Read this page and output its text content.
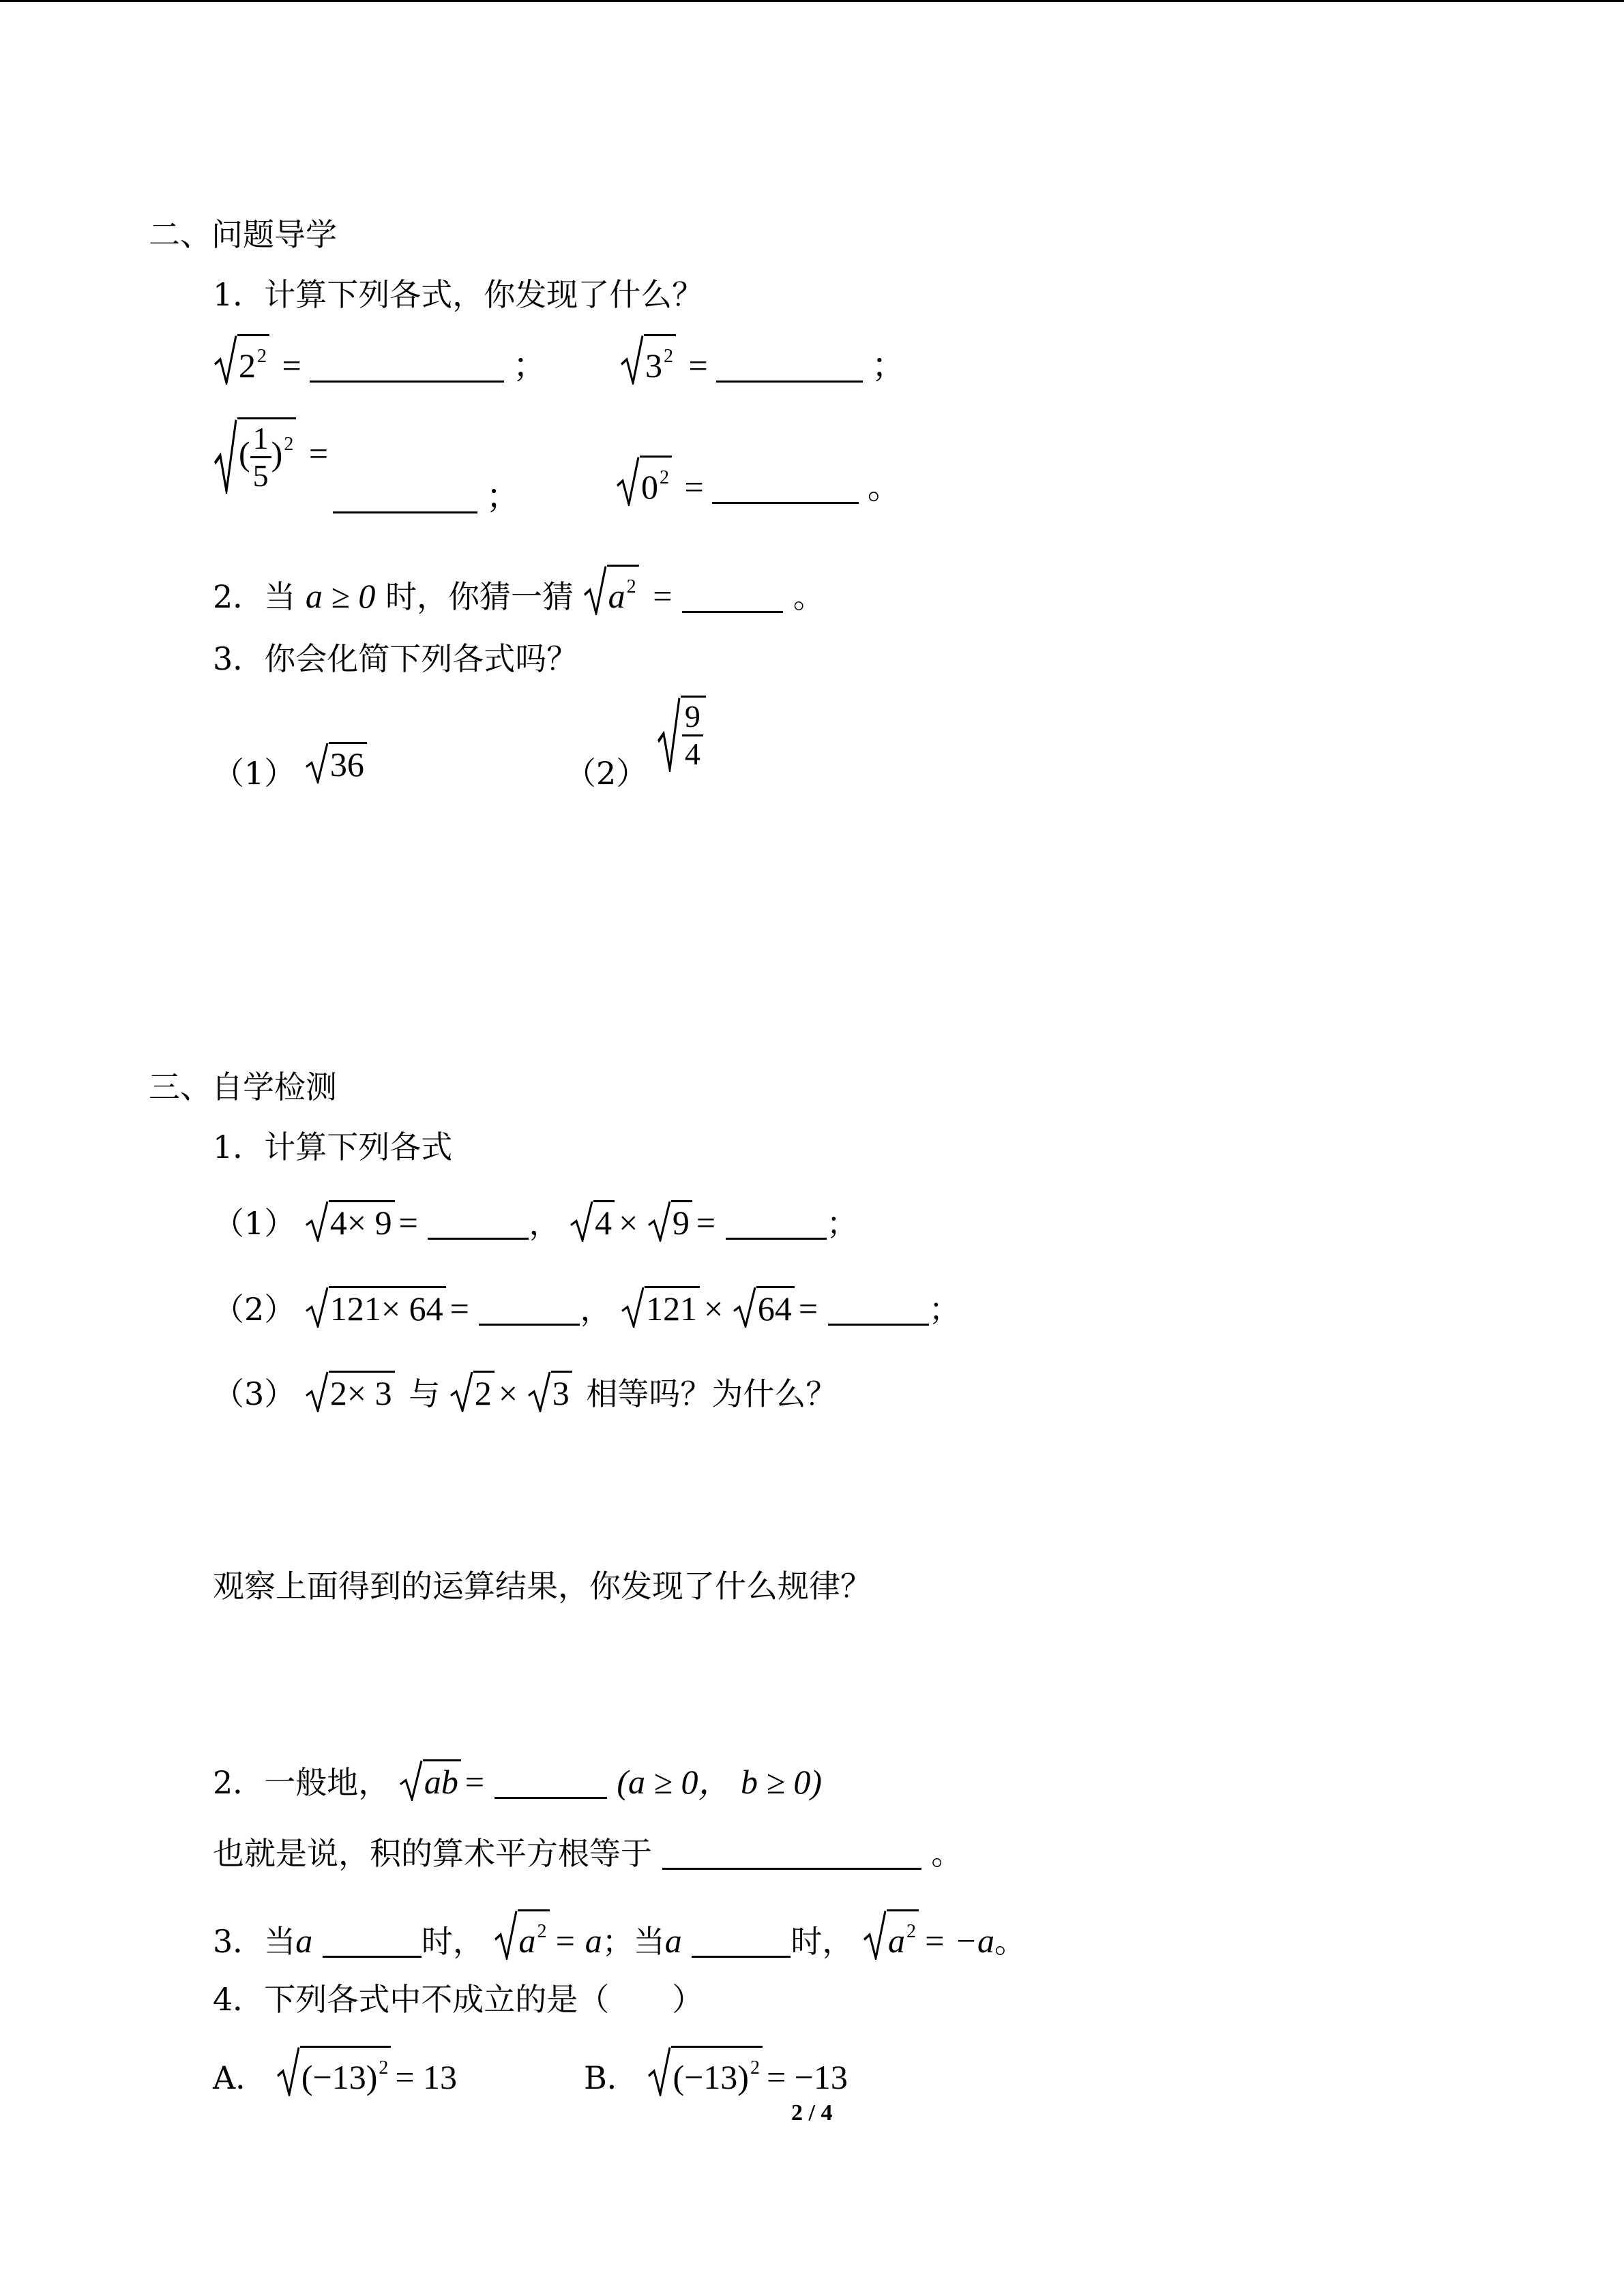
二、问题导学
1．计算下列各式，你发现了什么？
$2^2$ =	；	$3^2$ =	；
( $\frac{1}{5} )^2$ =
；	$0^2$ =	。
2．当 a ≥ 0 时，你猜一猜 $a^2$ =	。
3．你会化简下列各式吗？
（1） 36	（2）
$\frac{9}{4}$
三、自学检测
1．计算下列各式
（1） 4× 9 =	， 4 × 9 =	；
（2） 121× 64 =	， 121 × 64 =	；
（3） 2× 3 与 2 × 3 相等吗？为什么？
观察上面得到的运算结果，你发现了什么规律？
2．一般地， ab =	(a ≥ 0， b ≥ 0)
也就是说，积的算术平方根等于	。
3．当a	时， $a^2 = a$；当a	时， $a^2 = -a$。
4．下列各式中不成立的是（　　）
A． $(-13)^2 = 13$	B． $(-13)^2 = -13$
2 / 4
